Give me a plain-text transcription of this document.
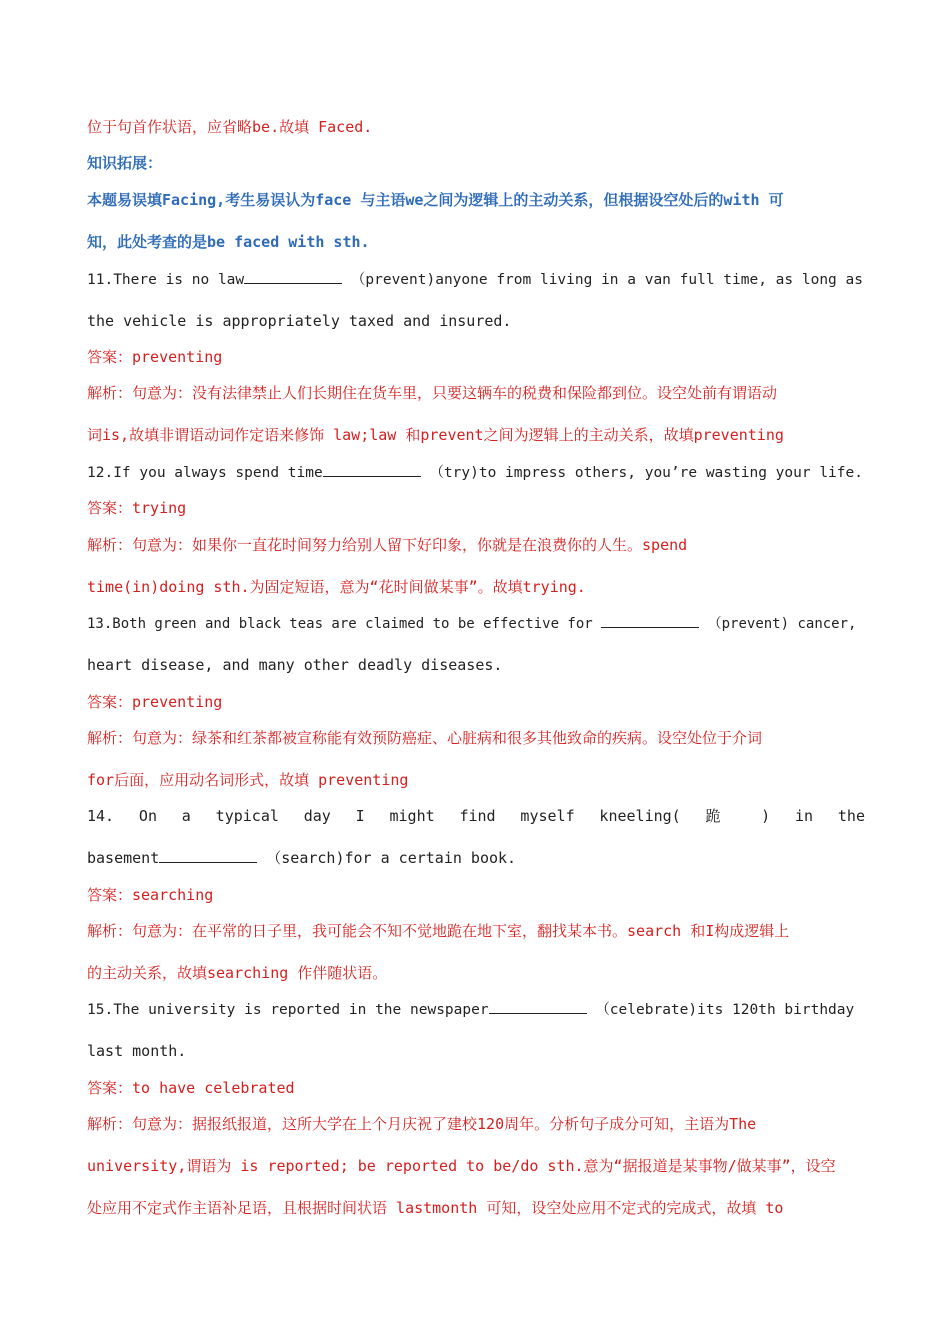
位于句首作状语，应省略be.故填 Faced.
知识拓展：
本题易误填Facing,考生易误认为face 与主语we之间为逻辑上的主动关系，但根据设空处后的with 可
知，此处考查的是be faced with sth.
11.There is no law	（prevent)anyone from living in a van full time, as long as
the vehicle is appropriately taxed and insured.
答案：preventing
解析：句意为：没有法律禁止人们长期住在货车里，只要这辆车的税费和保险都到位。设空处前有谓语动
词is,故填非谓语动词作定语来修饰 law;law 和prevent之间为逻辑上的主动关系，故填preventing
12.If you always spend time	（try)to impress others, you’re wasting your life.
答案：trying
解析：句意为：如果你一直花时间努力给别人留下好印象，你就是在浪费你的人生。spend
time(in)doing sth.为固定短语，意为“花时间做某事”。故填trying.
13.Both green and black teas are claimed to be effective for	（prevent) cancer,
heart disease, and many other deadly diseases.
答案：preventing
解析：句意为：绿茶和红茶都被宣称能有效预防癌症、心脏病和很多其他致命的疾病。设空处位于介词
for后面，应用动名词形式，故填 preventing
14. On a typical day I might find myself kneeling( 跪 ) in the
basement	（search)for a certain book.
答案：searching
解析：句意为：在平常的日子里，我可能会不知不觉地跪在地下室，翻找某本书。search 和I构成逻辑上
的主动关系，故填searching 作伴随状语。
15.The university is reported in the newspaper	（celebrate)its 120th birthday
last month.
答案：to have celebrated
解析：句意为：据报纸报道，这所大学在上个月庆祝了建校120周年。分析句子成分可知，主语为The
university,谓语为 is reported; be reported to be/do sth.意为“据报道是某事物/做某事”，设空
处应用不定式作主语补足语，且根据时间状语 lastmonth 可知，设空处应用不定式的完成式，故填 to
